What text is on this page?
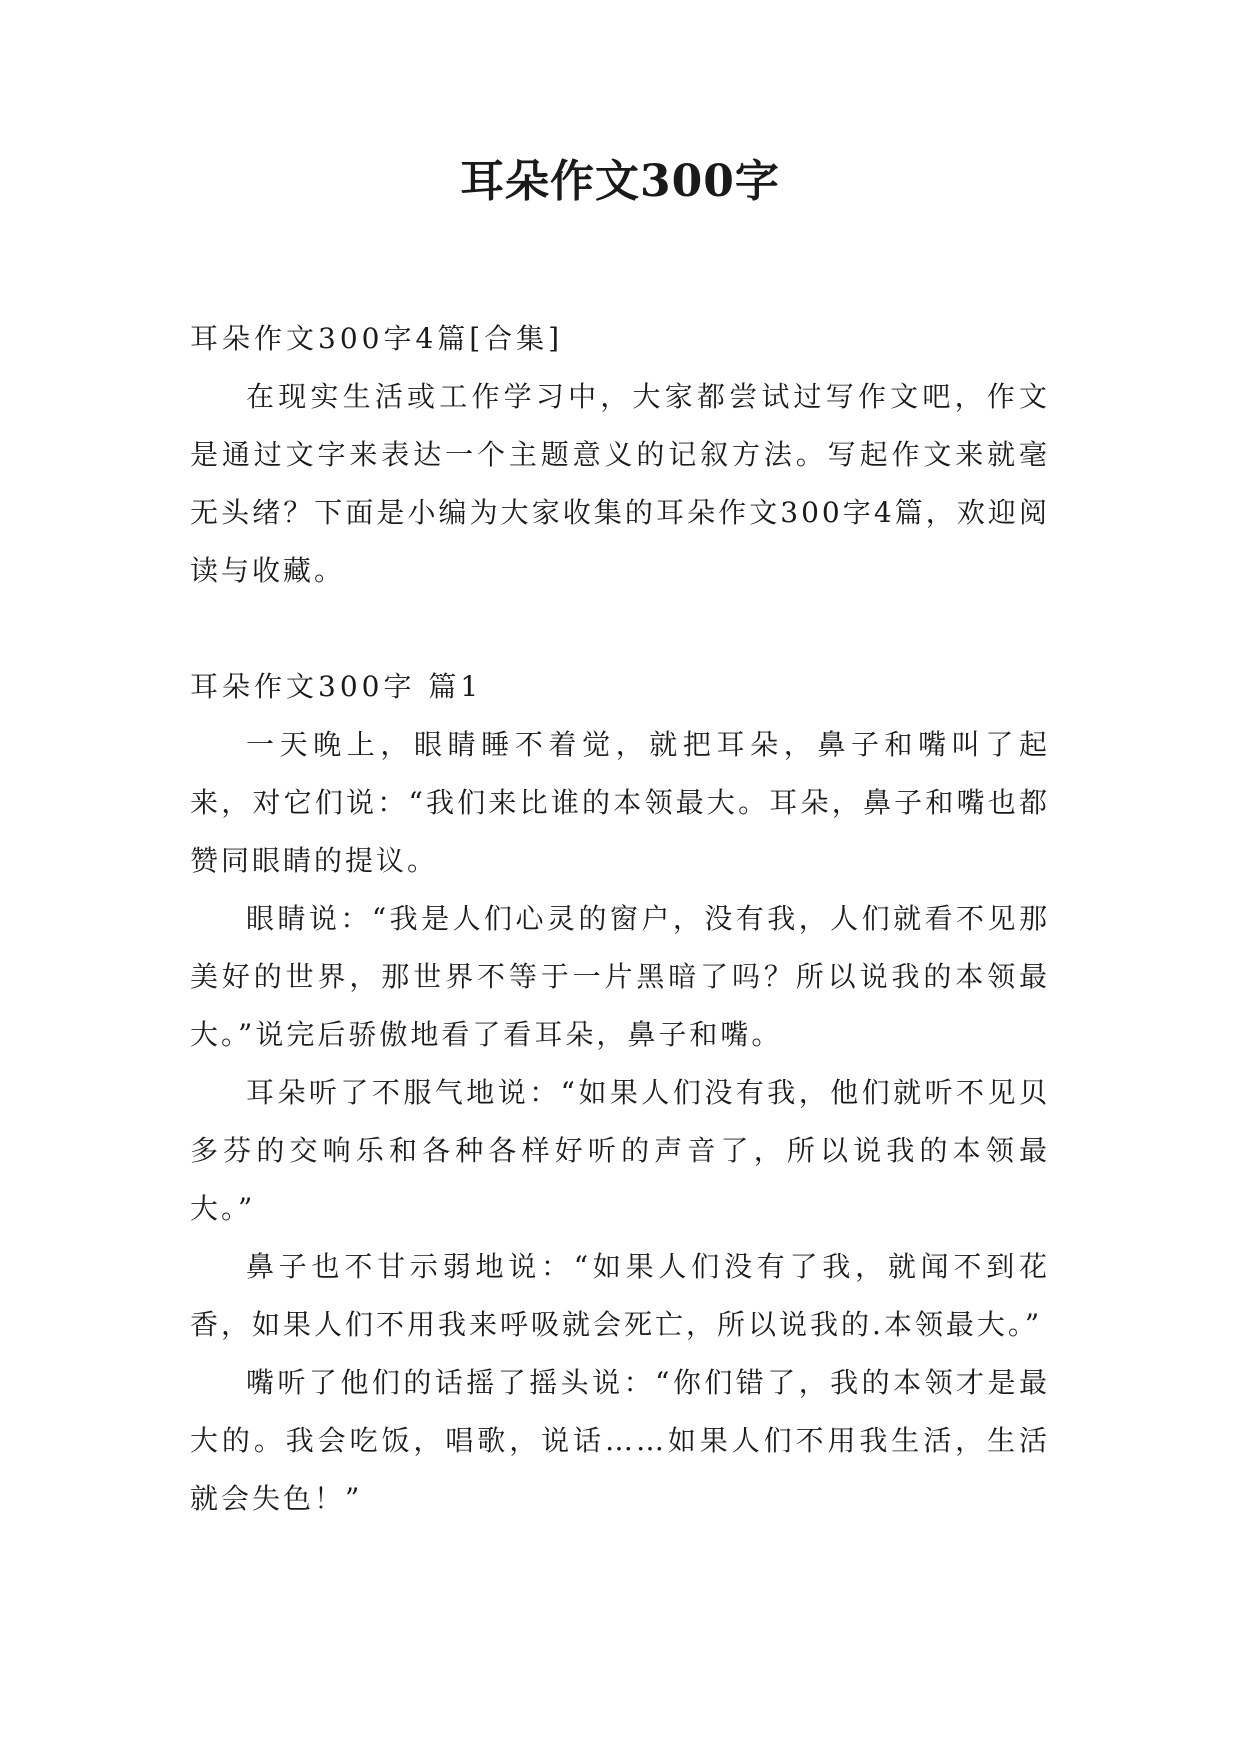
耳朵作文300字

耳朵作文300字4篇[合集]

在现实生活或工作学习中，大家都尝试过写作文吧，作文是通过文字来表达一个主题意义的记叙方法。写起作文来就毫无头绪？下面是小编为大家收集的耳朵作文300字4篇，欢迎阅读与收藏。

耳朵作文300字 篇1

一天晚上，眼睛睡不着觉，就把耳朵，鼻子和嘴叫了起来，对它们说：“我们来比谁的本领最大。耳朵，鼻子和嘴也都赞同眼睛的提议。

眼睛说：“我是人们心灵的窗户，没有我，人们就看不见那美好的世界，那世界不等于一片黑暗了吗？所以说我的本领最大。”说完后骄傲地看了看耳朵，鼻子和嘴。

耳朵听了不服气地说：“如果人们没有我，他们就听不见贝多芬的交响乐和各种各样好听的声音了，所以说我的本领最大。”

鼻子也不甘示弱地说：“如果人们没有了我，就闻不到花香，如果人们不用我来呼吸就会死亡，所以说我的.本领最大。”

嘴听了他们的话摇了摇头说：“你们错了，我的本领才是最大的。我会吃饭，唱歌，说话……如果人们不用我生活，生活就会失色！”
